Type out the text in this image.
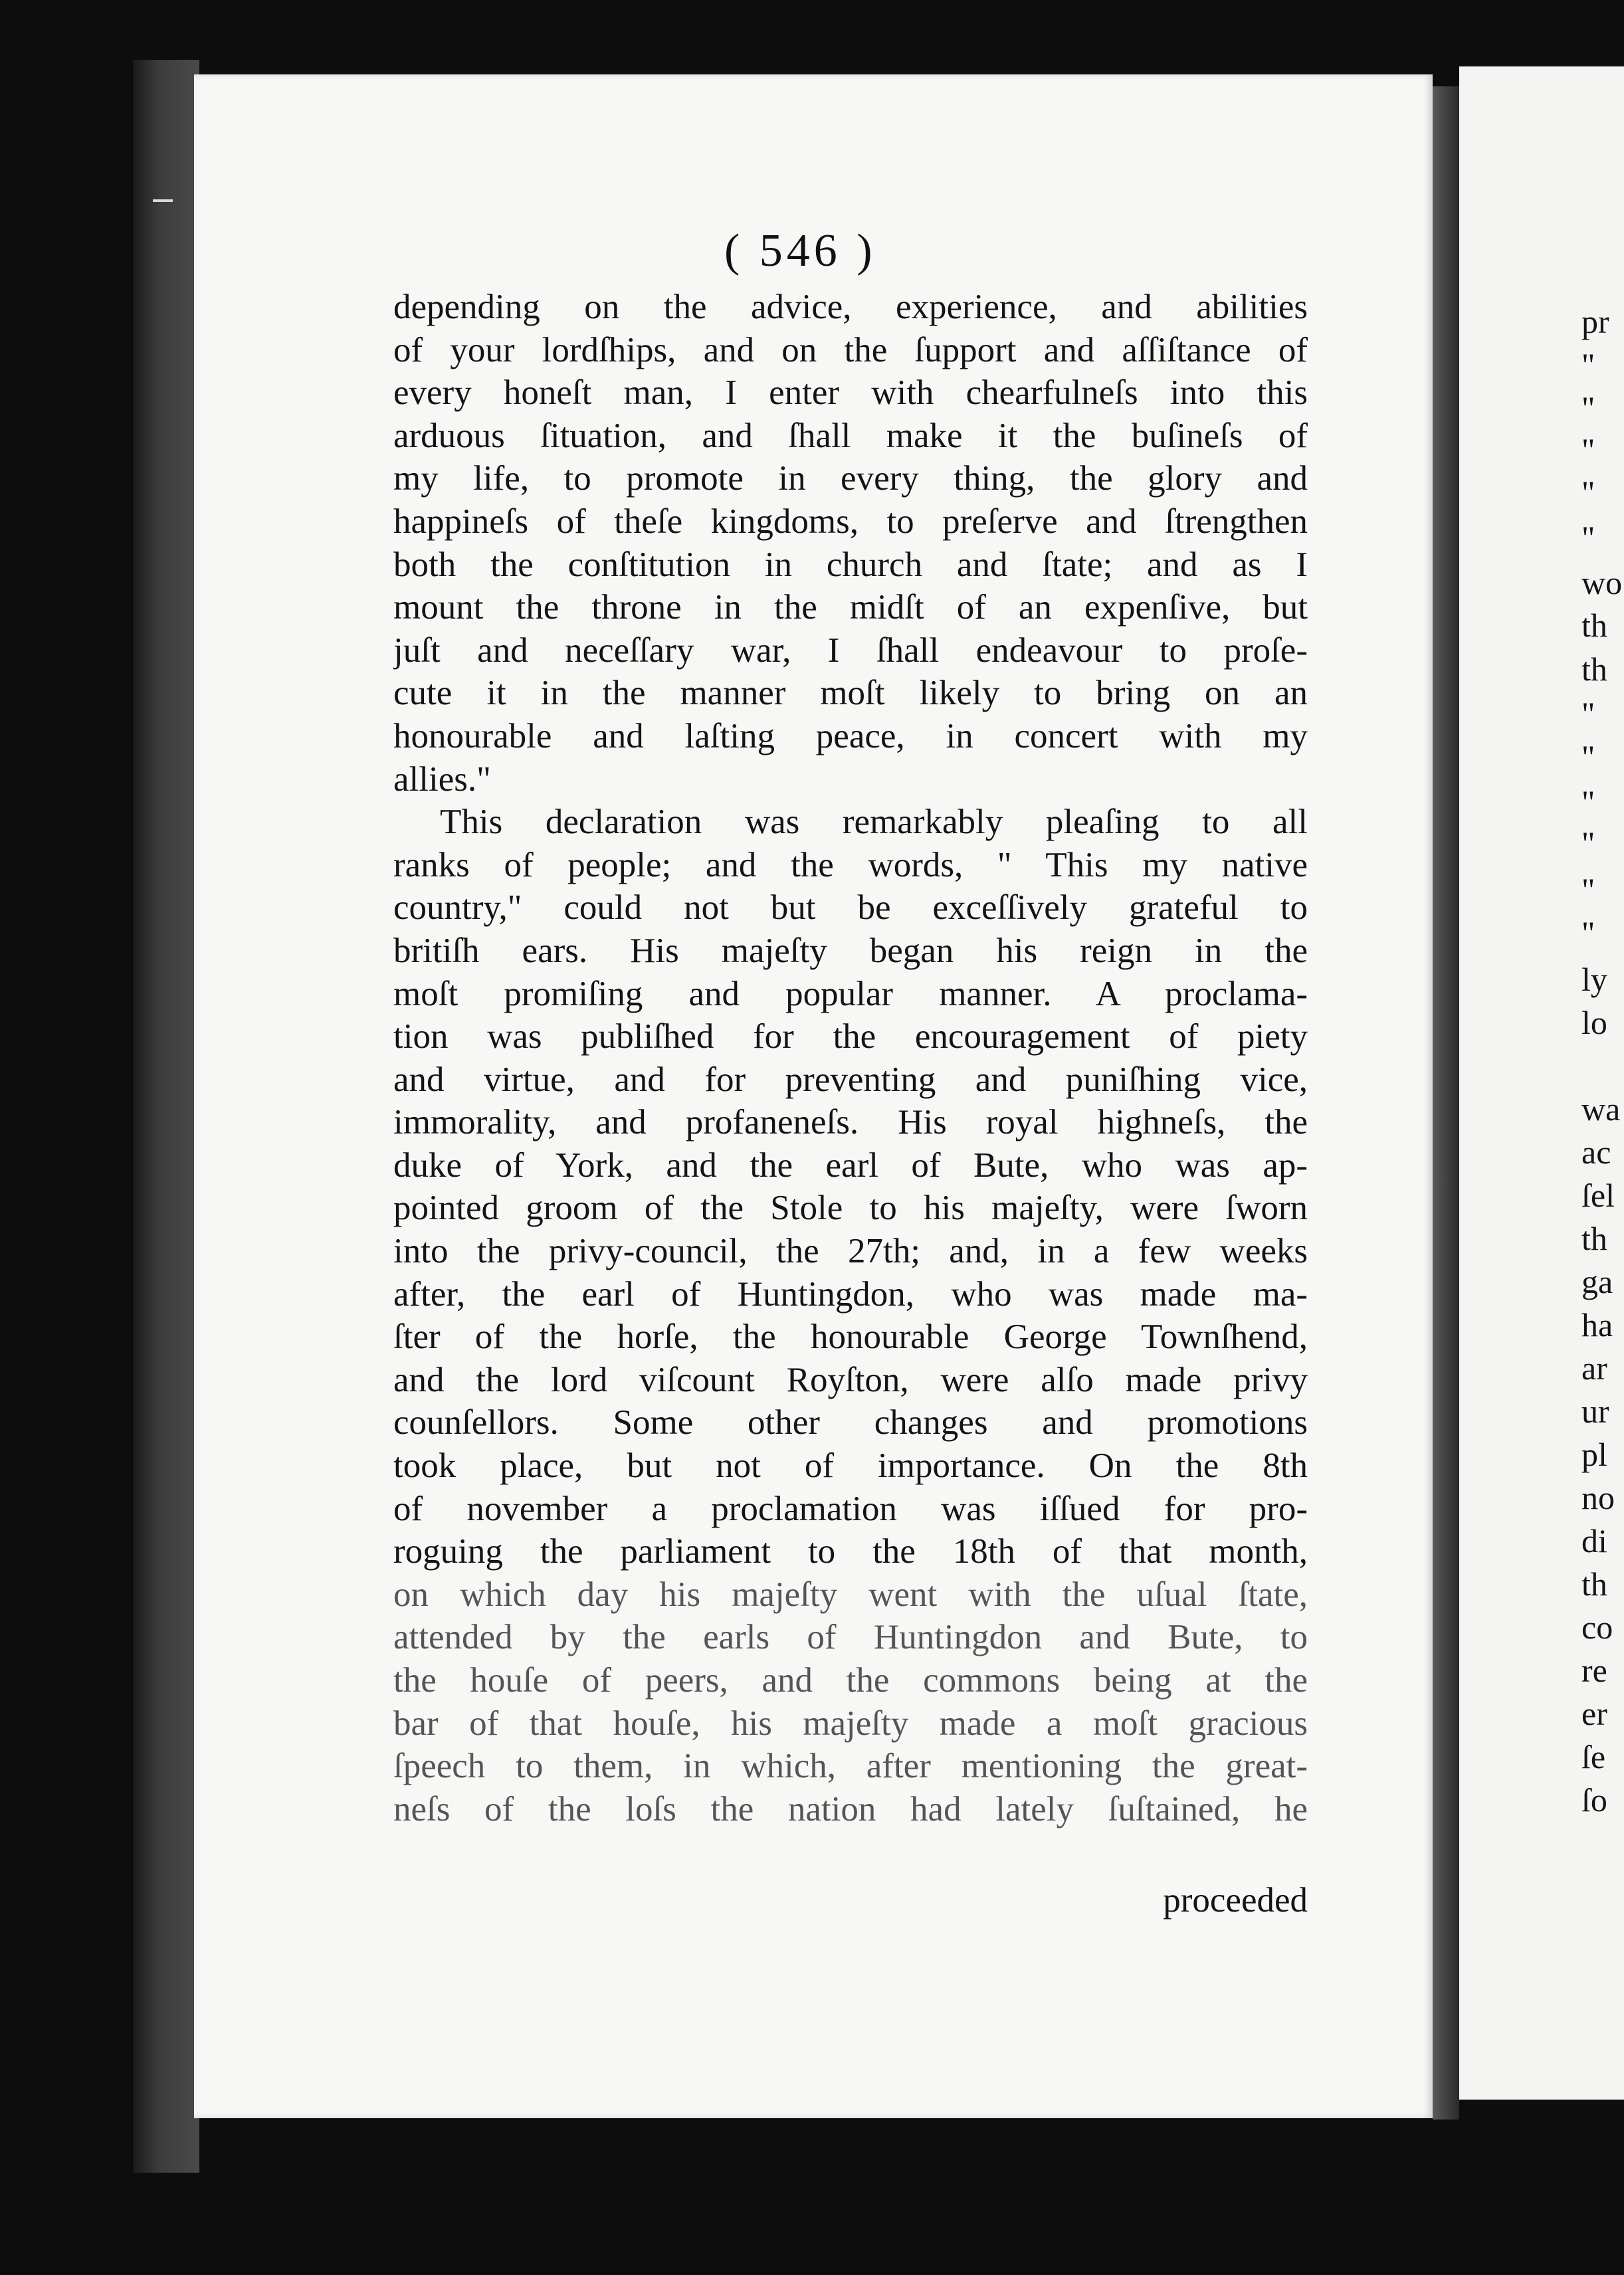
( 546 )
depending on the advice, experience, and abilities
of your lordſhips, and on the ſupport and aſſiſtance of
every honeſt man, I enter with chearfulneſs into this
arduous ſituation, and ſhall make it the buſineſs of
my life, to promote in every thing, the glory and
happineſs of theſe kingdoms, to preſerve and ſtrengthen
both the conſtitution in church and ſtate; and as I
mount the throne in the midſt of an expenſive, but
juſt and neceſſary war, I ſhall endeavour to proſe-
cute it in the manner moſt likely to bring on an
honourable and laſting peace, in concert with my
allies."
This declaration was remarkably pleaſing to all
ranks of people; and the words, " This my native
country," could not but be exceſſively grateful to
britiſh ears. His majeſty began his reign in the
moſt promiſing and popular manner. A proclama-
tion was publiſhed for the encouragement of piety
and virtue, and for preventing and puniſhing vice,
immorality, and profaneneſs. His royal highneſs, the
duke of York, and the earl of Bute, who was ap-
pointed groom of the Stole to his majeſty, were ſworn
into the privy-council, the 27th; and, in a few weeks
after, the earl of Huntingdon, who was made ma-
ſter of the horſe, the honourable George Townſhend,
and the lord viſcount Royſton, were alſo made privy
counſellors. Some other changes and promotions
took place, but not of importance. On the 8th
of november a proclamation was iſſued for pro-
roguing the parliament to the 18th of that month,
on which day his majeſty went with the uſual ſtate,
attended by the earls of Huntingdon and Bute, to
the houſe of peers, and the commons being at the
bar of that houſe, his majeſty made a moſt gracious
ſpeech to them, in which, after mentioning the great-
neſs of the loſs the nation had lately ſuſtained, he
proceeded
pr
"
"
"
"
"
wo
th
th
"
"
"
"
"
"
ly
lo
wa
ac
ſel
th
ga
ha
ar
ur
pl
no
di
th
co
re
er
ſe
ſo
